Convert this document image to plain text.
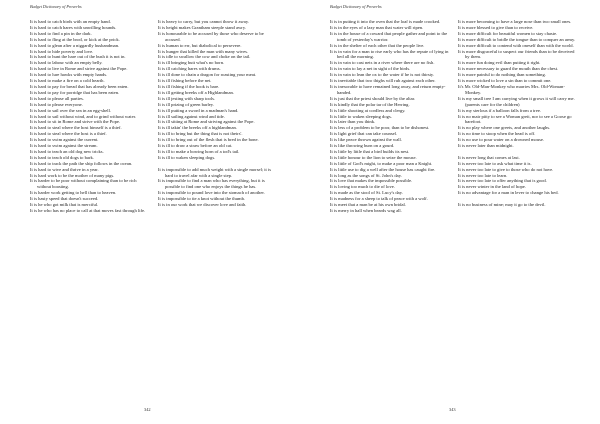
Budget Dictionary of Proverbs

It is hard to catch birds with an empty hand.

It is hard to catch hares with unwilling hounds.

It is hard to find a pin in the dark.

It is hard to fling at the brod, or kick at the prick.

It is hard to glean after a niggardly husbandman.

It is hard to hide poverty and love.

It is hard to hunt the hare out of the bush it is not in.

It is hard to labour with an empty belly.

It is hard to live in Rome and strive against the Pope.

It is hard to lure hawks with empty hands.

It is hard to make a fire on a cold hearth.

It is hard to pay for bread that has already been eaten.

It is hard to pay for porridge that has been eaten.

It is hard to please all parties.

It is hard to please everyone.

It is hard to sail over the sea in an egg-shell.

It is hard to sail without wind, and to grind without water.

It is hard to sit in Rome and strive with the Pope.

It is hard to steal where the host himself is a thief.

It is hard to steal where the host is a thief.

It is hard to swim against the current.

It is hard to swim against the stream.

It is hard to teach an old dog new tricks.

It is hard to teach old dogs to bark.

It is hard to track the path the ship follows in the ocean.

It is hard to wive and thrive in a year.

It is hard work to be the mother of many pigs.

It is harder to be poor without complaining than to be rich without boasting.

It is harder work getting to hell than to heaven.

It is hasty speed that doesn't succeed.

It is he who got milk that is merciful.

It is he who has no place to call at that moves fast through life.

It is heavy to carry, but you cannot throw it away.

It is height makes Grantham steeple stand awry.

It is honourable to be accused by those who deserve to be accused.

It is human to err, but diabolical to persevere.

It is hunger that killed the man with many wives.

It is idle to swallow the cow and choke on the tail.

It is ill bringing butt what's no born.

It is ill catching hares with drums.

It is ill done to chain a dragon for roasting your meat.

It is ill fishing before the net.

It is ill fishing if the hook is bare.

It is ill getting breeks off a Highlandman.

It is ill jesting with sharp tools.

It is ill prizing of green barley.

It is ill putting a sword in a madman's hand.

It is ill sailing against wind and tide.

It is ill sitting at Rome and striving against the Pope.

It is ill takin' the breeks off a highlandman.

It is ill to bring but the thing that is not theirs'.

It is ill to bring out of the flesh that is bred in the bone.

It is ill to draw a straw before an old cat.

It is ill to make a bowing horn of a tod's tail.

It is ill to waken sleeping dogs.

It is impossible to add much weight with a single morsel; it is hard to travel afar with a single step.

It is impossible to find a man who has everything, but it is possible to find one who enjoys the things he has.

It is impossible to pound love into the stomach of another.

It is impossible to tie a knot without the thumb.

It is in our work that we discover love and faith.

342
Budget Dictionary of Proverbs

It is in putting it into the oven that the loaf is made crooked.

It is in the eyes of a lazy man that water will ripen.

It is in the house of a coward that people gather and point to the tomb of yesterday's warrior.

It is in the shelter of each other that the people live.

It is in vain for a man to rise early who has the repute of lying in bed all the morning.

It is in vain to cast nets in a river where there are no fish.

It is in vain to lay a net in sight of the birds.

It is in vain to lean the ox to the water if he is not thirsty.

It is inevitable that two thighs will rub against each other.

It is inexorable to have remained long away, and return empty-handed.

It is just that the priest should live by the altar.

It is kindly that the polar tar of the Herring.

It is little shooting at cordless and clergy.

It is little to waken sleeping dogs.

It is later than you think.

It is less of a problem to be poor, than to be dishonest.

It is light grief that can take counsel.

It is like peace thrown against the wall.

It is like throwing burn on a gourd.

It is little by little that a bird builds its nest.

It is little honour to the lion to seize the mouse.

It is little of God's might, to make a poor man a Knight.

It is little use to dig a well after the house has caught fire.

It is long as the songs of St. John's day.

It is love that makes the impossible possible.

It is loving too much to die of love.

It is made as the stool of St. Lucy's day.

It is madness for a sheep to talk of peace with a wolf.

It is meet that a man be at his own bridal.

It is merry in hall when beards wag all.

It is more becoming to have a large nose than two small ones.

It is more blessed to give than to receive.

It is more difficult for beautiful women to stay chaste.

It is more difficult to bridle the tongue than to conquer an army.

It is more difficult to contend with oneself than with the world.

It is more disgraceful to suspect our friends than to be deceived by them.

It is more fun doing evil than putting it right.

It is more necessary to guard the mouth than the chest.

It is more painful to do nothing than something.

It is more wicked to love a sin than to commit one.

It's Mr. Old-Man-Monkey who marries Mrs. Old-Woman-Monkey.

It is my small tree I am carrying when it grows it will carry me. (parents care for the children)

It is my sterlous if a balloon falls from a tree.

It is no mair pitty to see a Woman greit, nor to see a Goose go barefoot.

It is no play where one greets, and another laughs.

It is no time to stoop when the head is off.

It is no use to pour water on a drowned mouse.

It is never later than midnight.

It is never long that comes at last.

It is never too late to ask what time it is.

It is never too late to give to those who do not have.

It is never too late to learn.

It is never too late to offer anything that is good.

It is never winter in the land of hope.

It is no advantage for a man in lever to change his bed.

It is no business of mine; may it go to the devil.

343
